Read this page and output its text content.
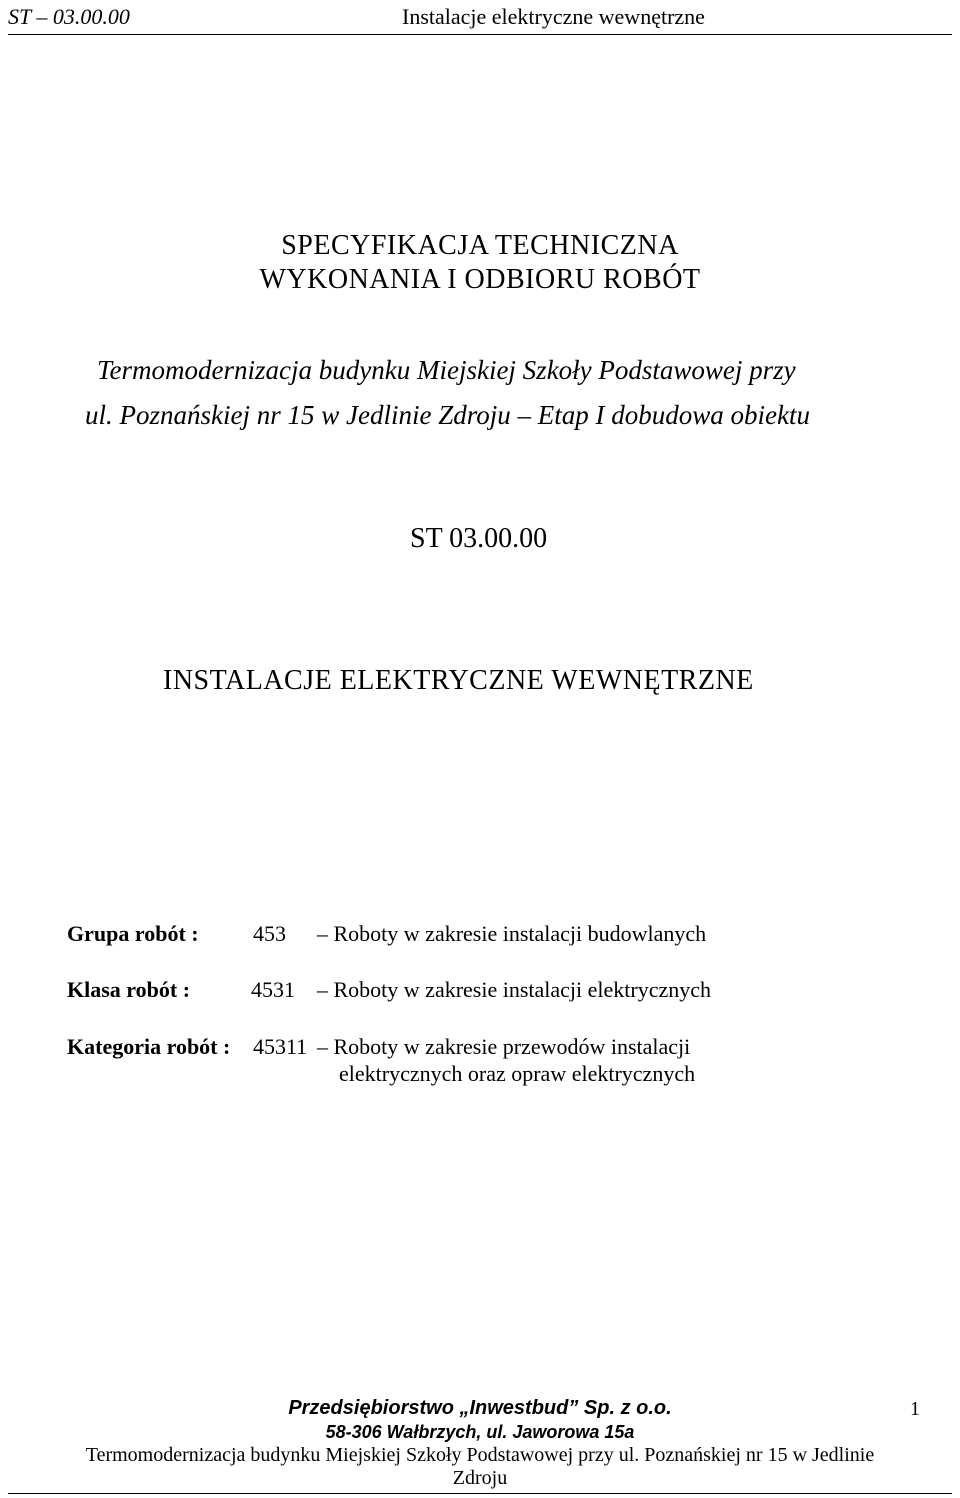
ST – 03.00.00	Instalacje elektryczne wewnętrzne
SPECYFIKACJA TECHNICZNA
WYKONANIA I ODBIORU ROBÓT
Termomodernizacja budynku Miejskiej Szkoły Podstawowej przy
ul. Poznańskiej nr 15 w Jedlinie Zdroju – Etap I dobudowa obiektu
ST 03.00.00
INSTALACJE ELEKTRYCZNE WEWNĘTRZNE
Grupa robót : 453 – Roboty w zakresie instalacji budowlanych
Klasa robót :	4531 – Roboty w zakresie instalacji elektrycznych
Kategoria robót : 45311 – Roboty w zakresie przewodów instalacji
elektrycznych oraz opraw elektrycznych
Przedsiębiorstwo „Inwestbud” Sp. z o.o.	1
58-306 Wałbrzych, ul. Jaworowa 15a
Termomodernizacja budynku Miejskiej Szkoły Podstawowej przy ul. Poznańskiej nr 15 w Jedlinie
Zdroju
